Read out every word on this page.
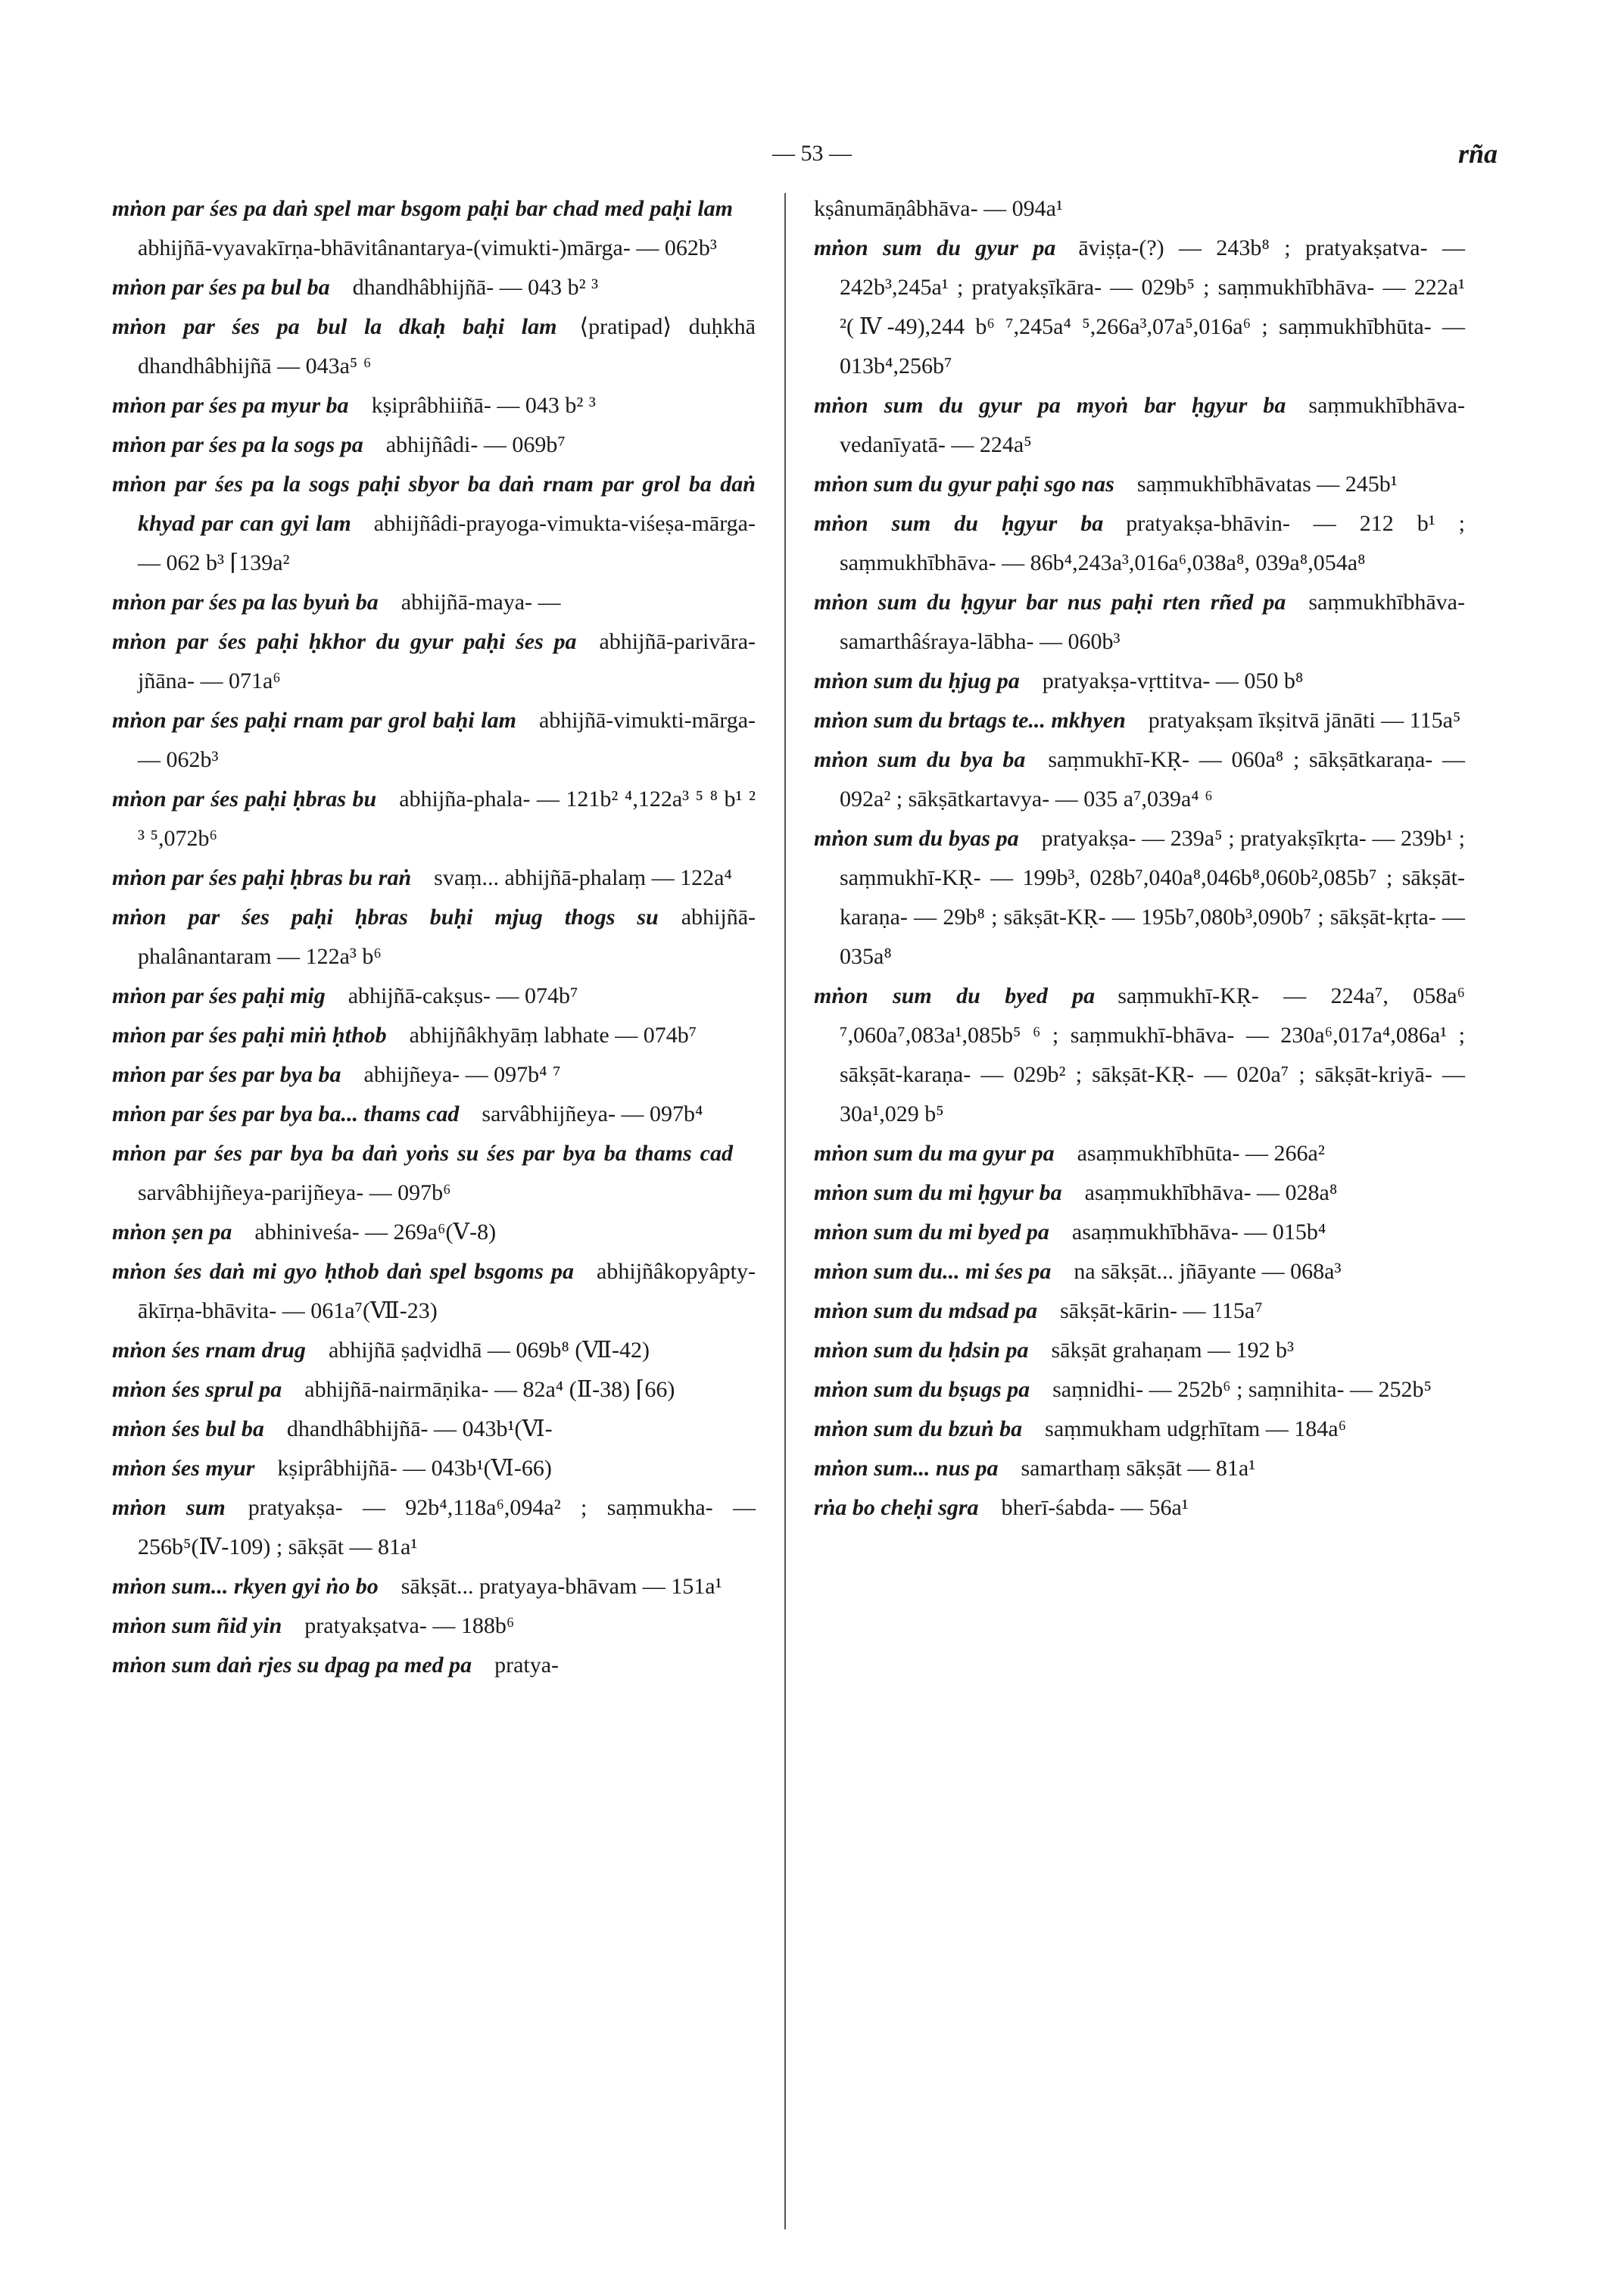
— 53 —	rña
mṅon par śes pa daṅ spel mar bsgom paḥi bar chad med paḥi lam abhijñā-vyavakīrṇa-bhāvitânantarya-(vimukti-)mārga- — 062b³
mṅon par śes pa bul ba  dhandhâbhijñā- — 043 b² ³
mṅon par śes pa bul la dkaḥ baḥi lam  ⟨pratipad⟩ duḥkhā dhandhâbhijñā — 043a⁵ ⁶
mṅon par śes pa myur ba  kṣiprâbhiiñā- — 043 b² ³
mṅon par śes pa la sogs pa  abhijñâdi- — 069b⁷
mṅon par śes pa la sogs paḥi sbyor ba daṅ rnam par grol ba daṅ khyad par can gyi lam  abhijñâdi-prayoga-vimukta-viśeṣa-mārga- — 062 b³ ⌈139a²
mṅon par śes pa las byuṅ ba  abhijñā-maya- —
mṅon par śes paḥi ḥkhor du gyur paḥi śes pa  abhijñā-parivāra-jñāna- — 071a⁶
mṅon par śes paḥi rnam par grol baḥi lam  abhijñā-vimukti-mārga- — 062b³
mṅon par śes paḥi ḥbras bu  abhijña-phala- — 121b² ⁴,122a³ ⁵ ⁸ b¹ ² ³ ⁵,072b⁶
mṅon par śes paḥi ḥbras bu raṅ  svaṃ... abhijñā-phalaṃ — 122a⁴
mṅon par śes paḥi ḥbras buḥi mjug thogs su  abhijñā-phalânantaram — 122a³ b⁶
mṅon par śes paḥi mig  abhijñā-cakṣus- — 074b⁷
mṅon par śes paḥi miṅ ḥthob  abhijñâkhyāṃ labhate — 074b⁷
mṅon par śes par bya ba  abhijñeya- — 097b⁴ ⁷
mṅon par śes par bya ba... thams cad  sarvâbhijñeya- — 097b⁴
mṅon par śes par bya ba daṅ yoṅs su śes par bya ba thams cad sarvâbhijñeya-parijñeya- — 097b⁶
mṅon ṣen pa  abhiniveśa- — 269a⁶(Ⅴ-8)
mṅon śes daṅ mi gyo ḥthob daṅ spel bsgoms pa  abhijñâkopyâpty-ākīrṇa-bhāvita- — 061a⁷(Ⅶ-23)
mṅon śes rnam drug  abhijñā ṣaḍvidhā — 069b⁸ (Ⅶ-42)
mṅon śes sprul pa  abhijñā-nairmāṇika- — 82a⁴ (Ⅱ-38) ⌈66)
mṅon śes bul ba  dhandhâbhijñā- — 043b¹(Ⅵ-
mṅon śes myur  kṣiprâbhijñā- — 043b¹(Ⅵ-66)
mṅon sum  pratyakṣa- — 92b⁴,118a⁶,094a² ; saṃmukha- — 256b⁵(Ⅳ-109) ; sākṣāt — 81a¹
mṅon sum... rkyen gyi ṅo bo  sākṣāt... pratyaya-bhāvam — 151a¹
mṅon sum ñid yin  pratyakṣatva- — 188b⁶
mṅon sum daṅ rjes su dpag pa med pa  pratya-
kṣânumāṇâbhāva- — 094a¹
mṅon sum du gyur pa  āviṣṭa-(?) — 243b⁸ ; pratyakṣatva- — 242b³,245a¹ ; pratyakṣīkāra- — 029b⁵ ; saṃmukhībhāva- — 222a¹ ²(Ⅳ-49),244 b⁶ ⁷,245a⁴ ⁵,266a³,07a⁵,016a⁶ ; saṃmukhībhūta- — 013b⁴,256b⁷
mṅon sum du gyur pa myoṅ bar ḥgyur ba  saṃmukhībhāva-vedanīyatā- — 224a⁵
mṅon sum du gyur paḥi sgo nas  saṃmukhībhāvatas — 245b¹
mṅon sum du ḥgyur ba  pratyakṣa-bhāvin- — 212 b¹ ; saṃmukhībhāva- — 86b⁴,243a³,016a⁶,038a⁸, 039a⁸,054a⁸
mṅon sum du ḥgyur bar nus paḥi rten rñed pa  saṃmukhībhāva-samarthâśraya-lābha- — 060b³
mṅon sum du ḥjug pa  pratyakṣa-vṛttitva- — 050 b⁸
mṅon sum du brtags te... mkhyen  pratyakṣam īkṣitvā jānāti — 115a⁵
mṅon sum du bya ba  saṃmukhī-KṚ- — 060a⁸ ; sākṣātkaraṇa- — 092a² ; sākṣātkartavya- — 035 a⁷,039a⁴ ⁶
mṅon sum du byas pa  pratyakṣa- — 239a⁵ ; pratyakṣīkṛta- — 239b¹ ; saṃmukhī-KṚ- — 199b³, 028b⁷,040a⁸,046b⁸,060b²,085b⁷ ; sākṣāt-karaṇa- — 29b⁸ ; sākṣāt-KṚ- — 195b⁷,080b³,090b⁷ ; sākṣāt-kṛta- — 035a⁸
mṅon sum du byed pa  saṃmukhī-KṚ- — 224a⁷, 058a⁶ ⁷,060a⁷,083a¹,085b⁵ ⁶ ; saṃmukhī-bhāva- — 230a⁶,017a⁴,086a¹ ; sākṣāt-karaṇa- — 029b² ; sākṣāt-KṚ- — 020a⁷ ; sākṣāt-kriyā- — 30a¹,029 b⁵
mṅon sum du ma gyur pa  asaṃmukhībhūta- — 266a²
mṅon sum du mi ḥgyur ba  asaṃmukhībhāva- — 028a⁸
mṅon sum du mi byed pa  asaṃmukhībhāva- — 015b⁴
mṅon sum du... mi śes pa  na sākṣāt... jñāyante — 068a³
mṅon sum du mdsad pa  sākṣāt-kārin- — 115a⁷
mṅon sum du ḥdsin pa  sākṣāt grahaṇam — 192 b³
mṅon sum du bṣugs pa  saṃnidhi- — 252b⁶ ; saṃnihita- — 252b⁵
mṅon sum du bzuṅ ba  saṃmukham udgṛhītam — 184a⁶
mṅon sum... nus pa  samarthaṃ sākṣāt — 81a¹
rṅa bo cheḥi sgra  bherī-śabda- — 56a¹
